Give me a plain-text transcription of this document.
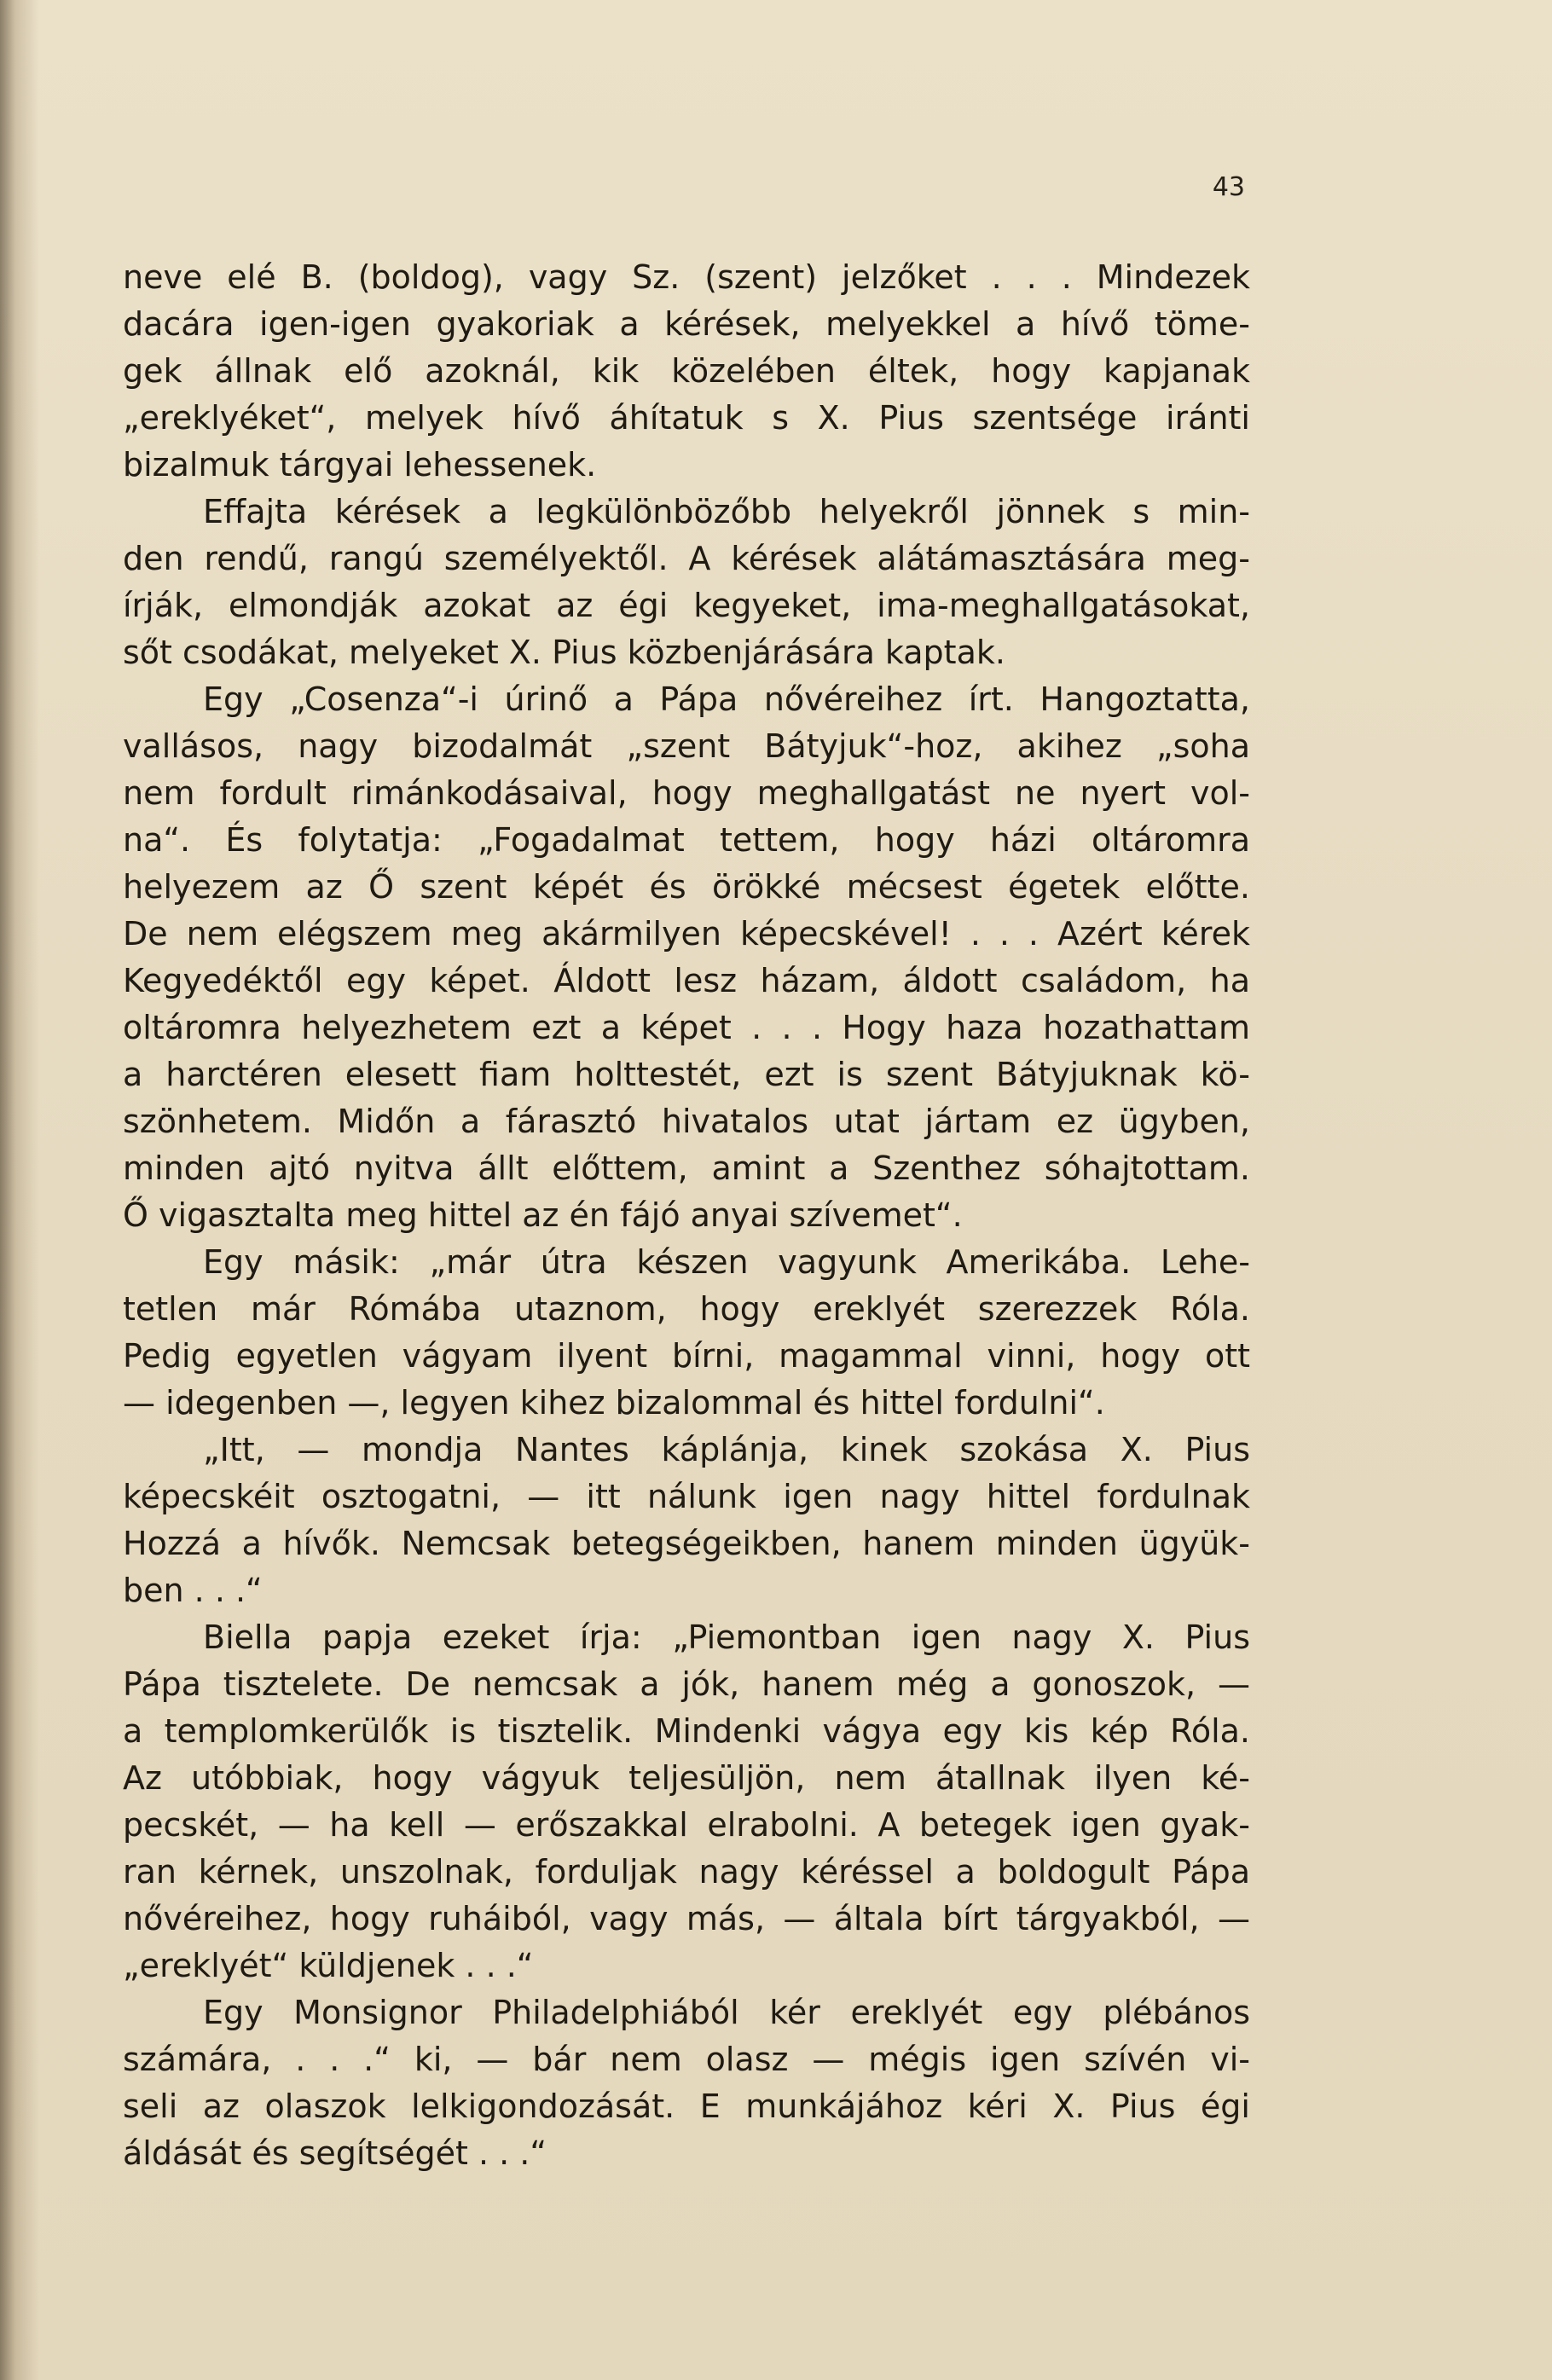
43

neve elé B. (boldog), vagy Sz. (szent) jelzőket . . . Mindezek
dacára igen-igen gyakoriak a kérések, melyekkel a hívő töme-
gek állnak elő azoknál, kik közelében éltek, hogy kapjanak
„ereklyéket“, melyek hívő áhítatuk s X. Pius szentsége iránti
bizalmuk tárgyai lehessenek.
Effajta kérések a legkülönbözőbb helyekről jönnek s min-
den rendű, rangú személyektől. A kérések alátámasztására meg-
írják, elmondják azokat az égi kegyeket, ima-meghallgatásokat,
sőt csodákat, melyeket X. Pius közbenjárására kaptak.
Egy „Cosenza“-i úrinő a Pápa nővéreihez írt. Hangoztatta,
vallásos, nagy bizodalmát „szent Bátyjuk“-hoz, akihez „soha
nem fordult rimánkodásaival, hogy meghallgatást ne nyert vol-
na“. És folytatja: „Fogadalmat tettem, hogy házi oltáromra
helyezem az Ő szent képét és örökké mécsest égetek előtte.
De nem elégszem meg akármilyen képecskével! . . . Azért kérek
Kegyedéktől egy képet. Áldott lesz házam, áldott családom, ha
oltáromra helyezhetem ezt a képet . . . Hogy haza hozathattam
a harctéren elesett fiam holttestét, ezt is szent Bátyjuknak kö-
szönhetem. Midőn a fárasztó hivatalos utat jártam ez ügyben,
minden ajtó nyitva állt előttem, amint a Szenthez sóhajtottam.
Ő vigasztalta meg hittel az én fájó anyai szívemet“.
Egy másik: „már útra készen vagyunk Amerikába. Lehe-
tetlen már Rómába utaznom, hogy ereklyét szerezzek Róla.
Pedig egyetlen vágyam ilyent bírni, magammal vinni, hogy ott
— idegenben —, legyen kihez bizalommal és hittel fordulni“.
„Itt, — mondja Nantes káplánja, kinek szokása X. Pius
képecskéit osztogatni, — itt nálunk igen nagy hittel fordulnak
Hozzá a hívők. Nemcsak betegségeikben, hanem minden ügyük-
ben . . .“
Biella papja ezeket írja: „Piemontban igen nagy X. Pius
Pápa tisztelete. De nemcsak a jók, hanem még a gonoszok, —
a templomkerülők is tisztelik. Mindenki vágya egy kis kép Róla.
Az utóbbiak, hogy vágyuk teljesüljön, nem átallnak ilyen ké-
pecskét, — ha kell — erőszakkal elrabolni. A betegek igen gyak-
ran kérnek, unszolnak, forduljak nagy kéréssel a boldogult Pápa
nővéreihez, hogy ruháiból, vagy más, — általa bírt tárgyakból, —
„ereklyét“ küldjenek . . .“
Egy Monsignor Philadelphiából kér ereklyét egy plébános
számára, . . .“ ki, — bár nem olasz — mégis igen szívén vi-
seli az olaszok lelkigondozását. E munkájához kéri X. Pius égi
áldását és segítségét . . .“
